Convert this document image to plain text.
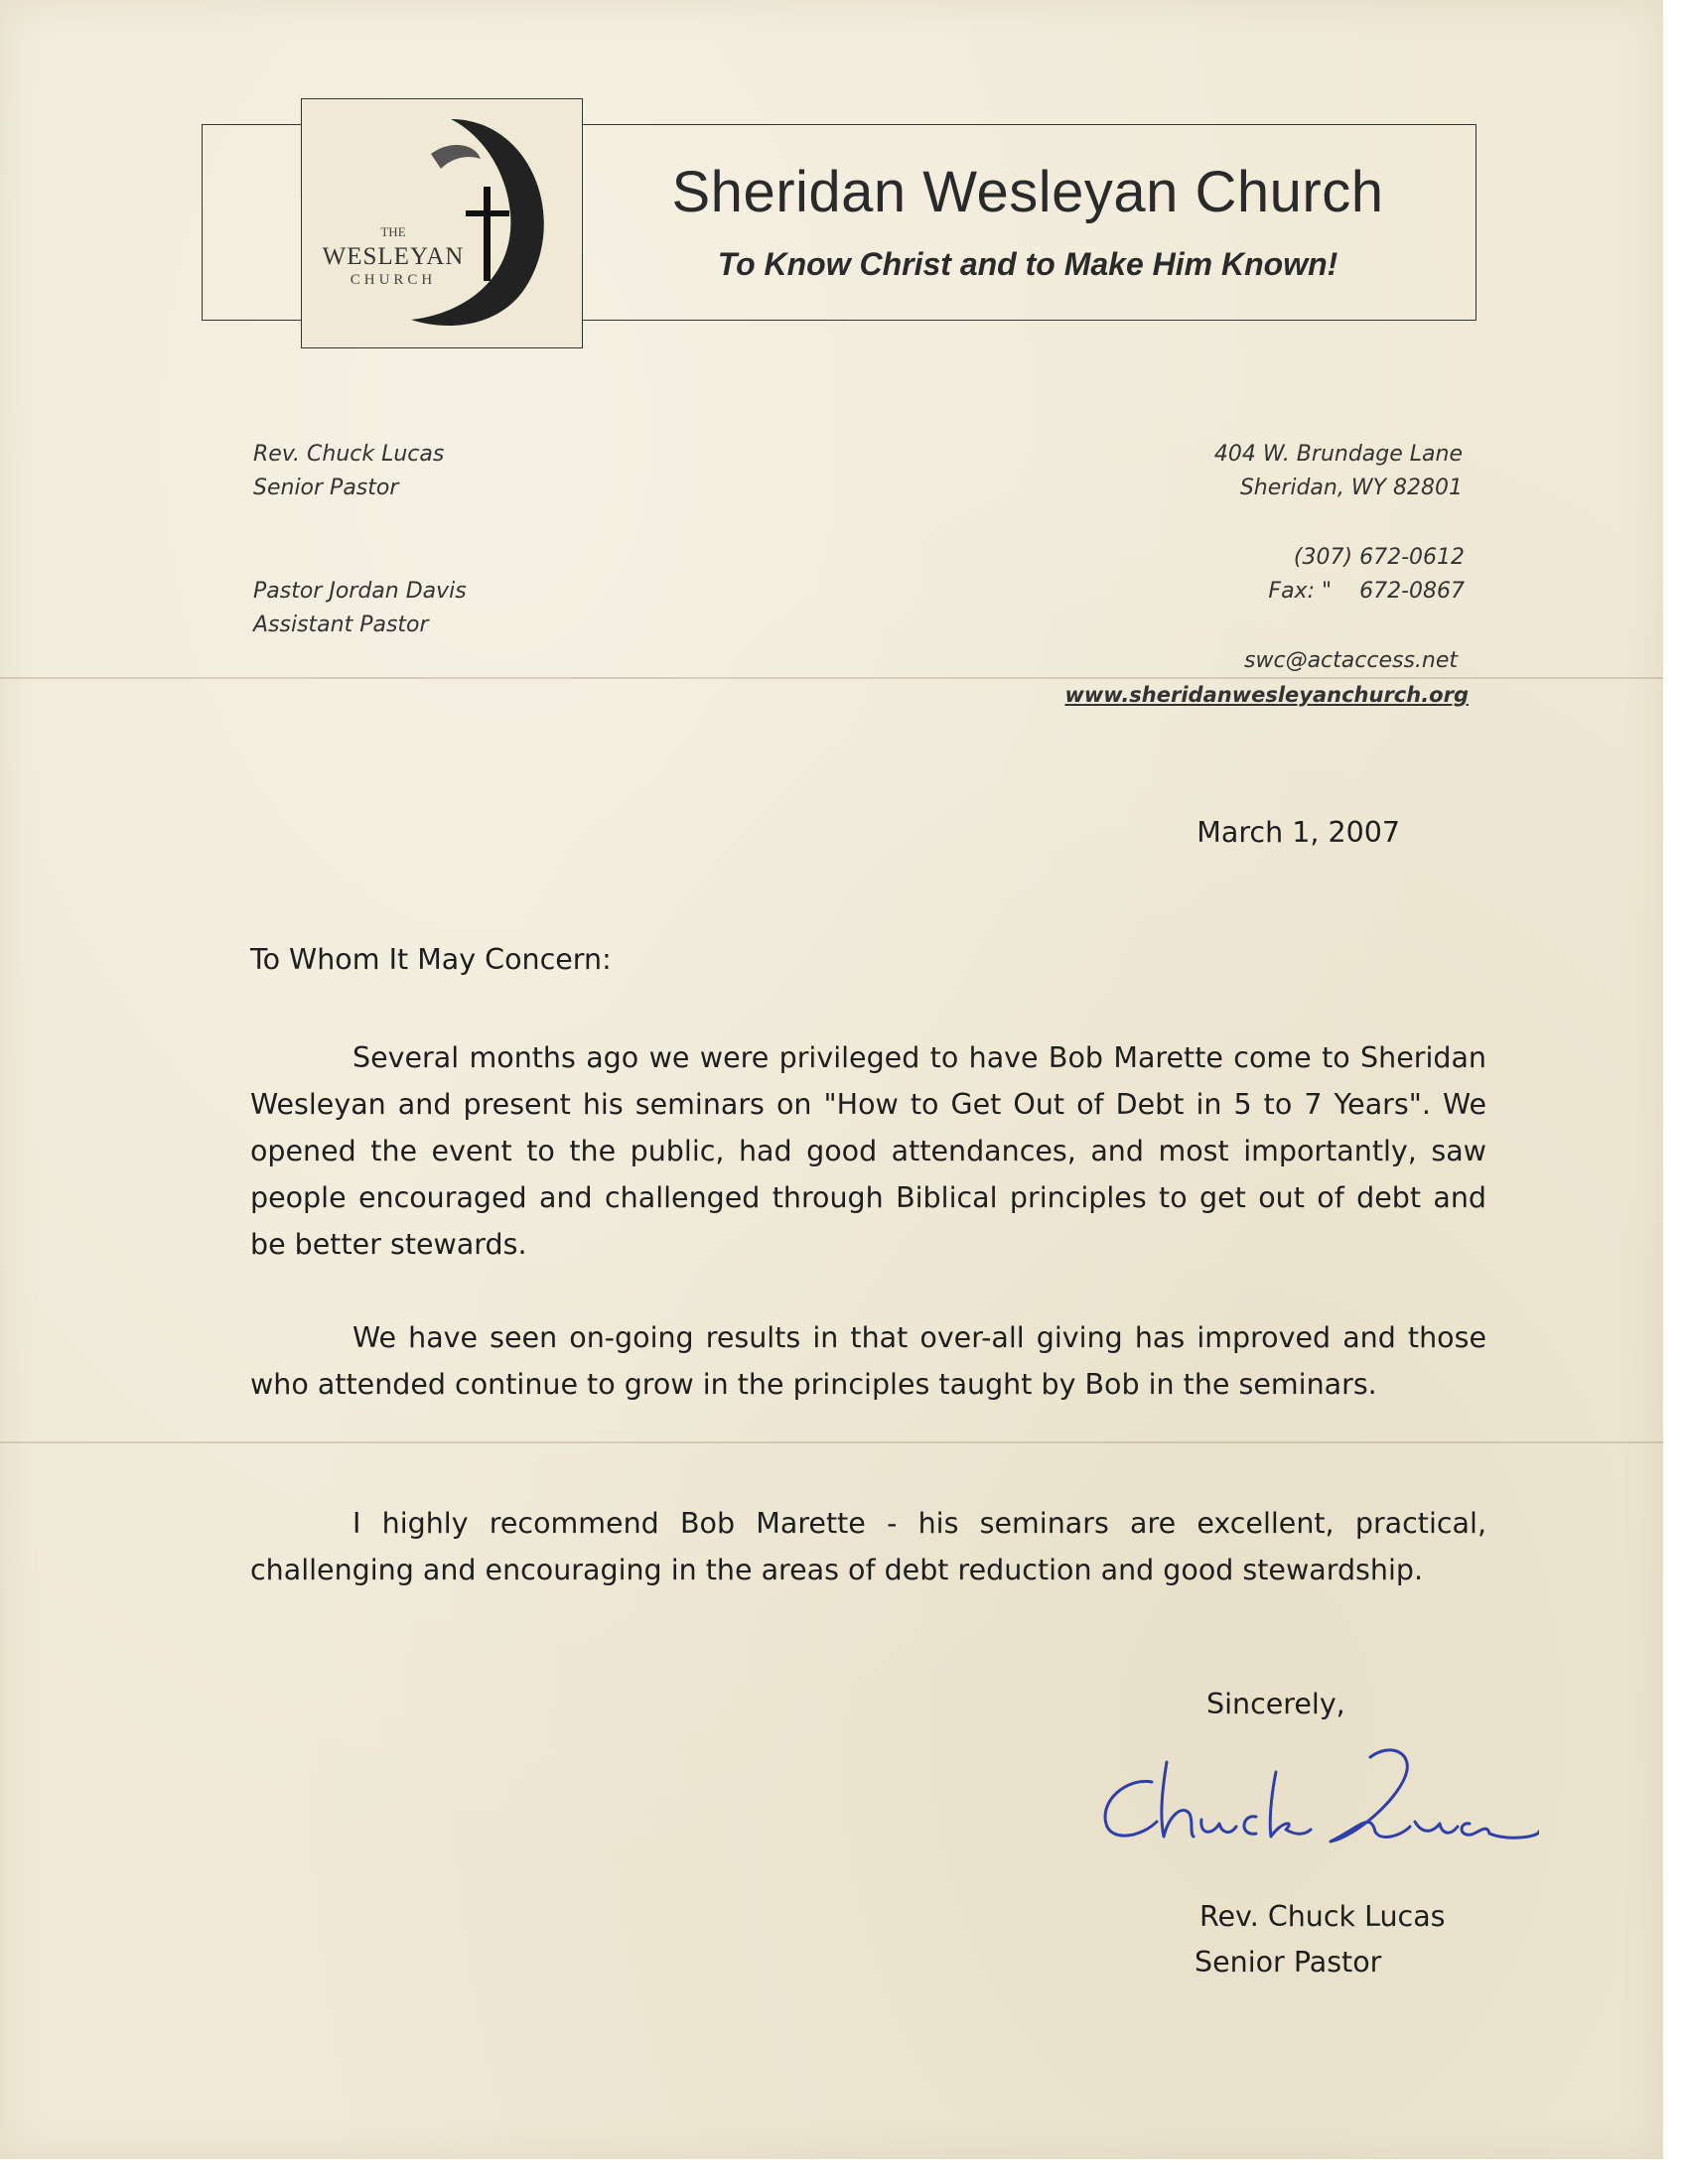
THE
WESLEYAN
CHURCH
Sheridan Wesleyan Church
To Know Christ and to Make Him Known!
Rev. Chuck Lucas
Senior Pastor
Pastor Jordan Davis
Assistant Pastor
404 W. Brundage Lane
Sheridan, WY 82801
(307) 672-0612
Fax: "    672-0867
swc@actaccess.net
www.sheridanwesleyanchurch.org
March 1, 2007
To Whom It May Concern:

Several months ago we were privileged to have Bob Marette come to Sheridan Wesleyan and present his seminars on "How to Get Out of Debt in 5 to 7 Years". We opened the event to the public, had good attendances, and most importantly, saw people encouraged and challenged through Biblical principles to get out of debt and be better stewards.

We have seen on-going results in that over-all giving has improved and those who attended continue to grow in the principles taught by Bob in the seminars.

I highly recommend Bob Marette - his seminars are excellent, practical, challenging and encouraging in the areas of debt reduction and good stewardship.

Sincerely,
Rev. Chuck Lucas
Senior Pastor
